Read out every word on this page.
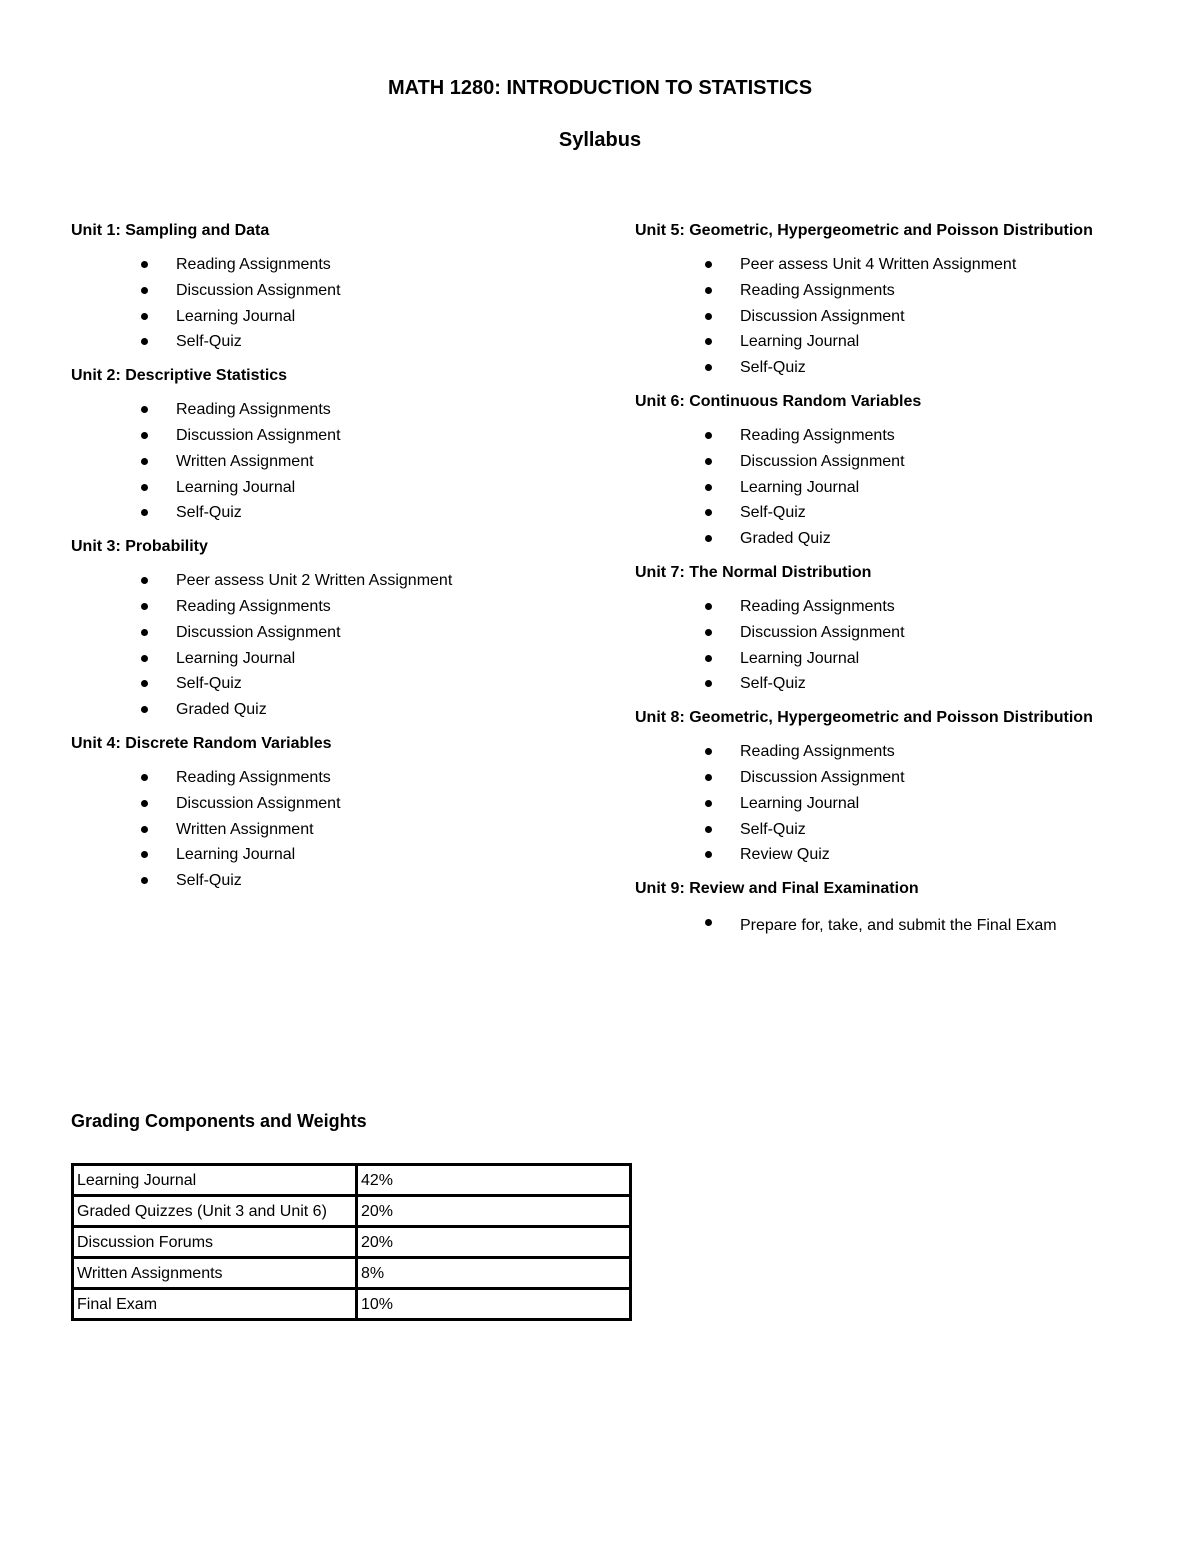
MATH 1280: INTRODUCTION TO STATISTICS
Syllabus
Unit 1: Sampling and Data
Reading Assignments
Discussion Assignment
Learning Journal
Self-Quiz
Unit 2: Descriptive Statistics
Reading Assignments
Discussion Assignment
Written Assignment
Learning Journal
Self-Quiz
Unit 3: Probability
Peer assess Unit 2 Written Assignment
Reading Assignments
Discussion Assignment
Learning Journal
Self-Quiz
Graded Quiz
Unit 4: Discrete Random Variables
Reading Assignments
Discussion Assignment
Written Assignment
Learning Journal
Self-Quiz
Unit 5: Geometric, Hypergeometric and Poisson Distribution
Peer assess Unit 4 Written Assignment
Reading Assignments
Discussion Assignment
Learning Journal
Self-Quiz
Unit 6: Continuous Random Variables
Reading Assignments
Discussion Assignment
Learning Journal
Self-Quiz
Graded Quiz
Unit 7: The Normal Distribution
Reading Assignments
Discussion Assignment
Learning Journal
Self-Quiz
Unit 8: Geometric, Hypergeometric and Poisson Distribution
Reading Assignments
Discussion Assignment
Learning Journal
Self-Quiz
Review Quiz
Unit 9: Review and Final Examination
Prepare for, take, and submit the Final Exam
Grading Components and Weights
Learning Journal	42%
Graded Quizzes (Unit 3 and Unit 6)	20%
Discussion Forums	20%
Written Assignments	8%
Final Exam	10%
